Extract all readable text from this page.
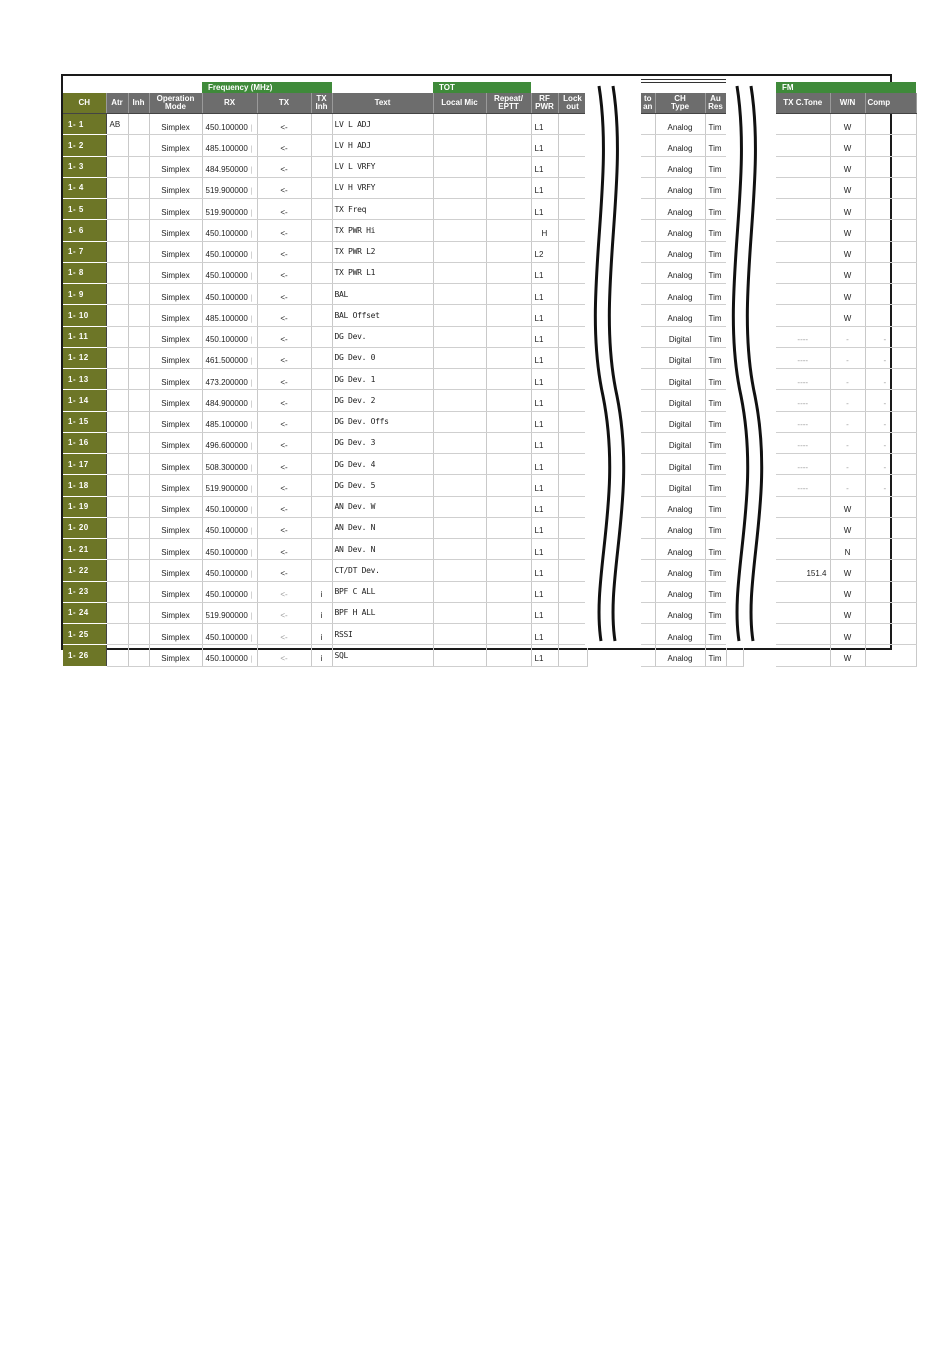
				Frequency (MHz)				TOT			
CH	Atr	Inh	Operation
Mode	RX	TX	TX
Inh	Text	Local Mic	Repeat/
EPTT	RF
PWR	Lock
out
1- 1	AB		Simplex	450.100000 │	<-		LV L ADJ			L1	
1- 2			Simplex	485.100000 │	<-		LV H ADJ			L1	
1- 3			Simplex	484.950000 │	<-		LV L VRFY			L1	
1- 4			Simplex	519.900000 │	<-		LV H VRFY			L1	
1- 5			Simplex	519.900000 │	<-		TX Freq			L1	
1- 6			Simplex	450.100000 │	<-		TX PWR Hi			H	
1- 7			Simplex	450.100000 │	<-		TX PWR L2			L2	
1- 8			Simplex	450.100000 │	<-		TX PWR L1			L1	
1- 9			Simplex	450.100000 │	<-		BAL			L1	
1- 10			Simplex	485.100000 │	<-		BAL Offset			L1	
1- 11			Simplex	450.100000 │	<-		DG Dev.			L1	
1- 12			Simplex	461.500000 │	<-		DG Dev. 0			L1	
1- 13			Simplex	473.200000 │	<-		DG Dev. 1			L1	
1- 14			Simplex	484.900000 │	<-		DG Dev. 2			L1	
1- 15			Simplex	485.100000 │	<-		DG Dev. Offs			L1	
1- 16			Simplex	496.600000 │	<-		DG Dev. 3			L1	
1- 17			Simplex	508.300000 │	<-		DG Dev. 4			L1	
1- 18			Simplex	519.900000 │	<-		DG Dev. 5			L1	
1- 19			Simplex	450.100000 │	<-		AN Dev. W			L1	
1- 20			Simplex	450.100000 │	<-		AN Dev. N			L1	
1- 21			Simplex	450.100000 │	<-		AN Dev. N			L1	
1- 22			Simplex	450.100000 │	<-		CT/DT Dev.			L1	
1- 23			Simplex	450.100000 │	<-	i	BPF C ALL			L1	
1- 24			Simplex	519.900000 │	<-	i	BPF H ALL			L1	
1- 25			Simplex	450.100000 │	<-	i	RSSI			L1	
1- 26			Simplex	450.100000 │	<-	i	SQL			L1	

to
an	CH
Type	Au
Res	
	Analog	Tim	
	Analog	Tim	
	Analog	Tim	
	Analog	Tim	
	Analog	Tim	
	Analog	Tim	
	Analog	Tim	
	Analog	Tim	
	Analog	Tim	
	Analog	Tim	
	Digital	Tim	
	Digital	Tim	
	Digital	Tim	
	Digital	Tim	
	Digital	Tim	
	Digital	Tim	
	Digital	Tim	
	Digital	Tim	
	Analog	Tim	
	Analog	Tim	
	Analog	Tim	
	Analog	Tim	
	Analog	Tim	
	Analog	Tim	
	Analog	Tim	
	Analog	Tim	
FM		
TX C.Tone	W/N	Comp
	W	
	W	
	W	
	W	
	W	
	W	
	W	
	W	
	W	
	W	
----	-	-
----	-	-
----	-	-
----	-	-
----	-	-
----	-	-
----	-	-
----	-	-
	W	
	W	
	N	
151.4	W	
	W	
	W	
	W	
	W	
